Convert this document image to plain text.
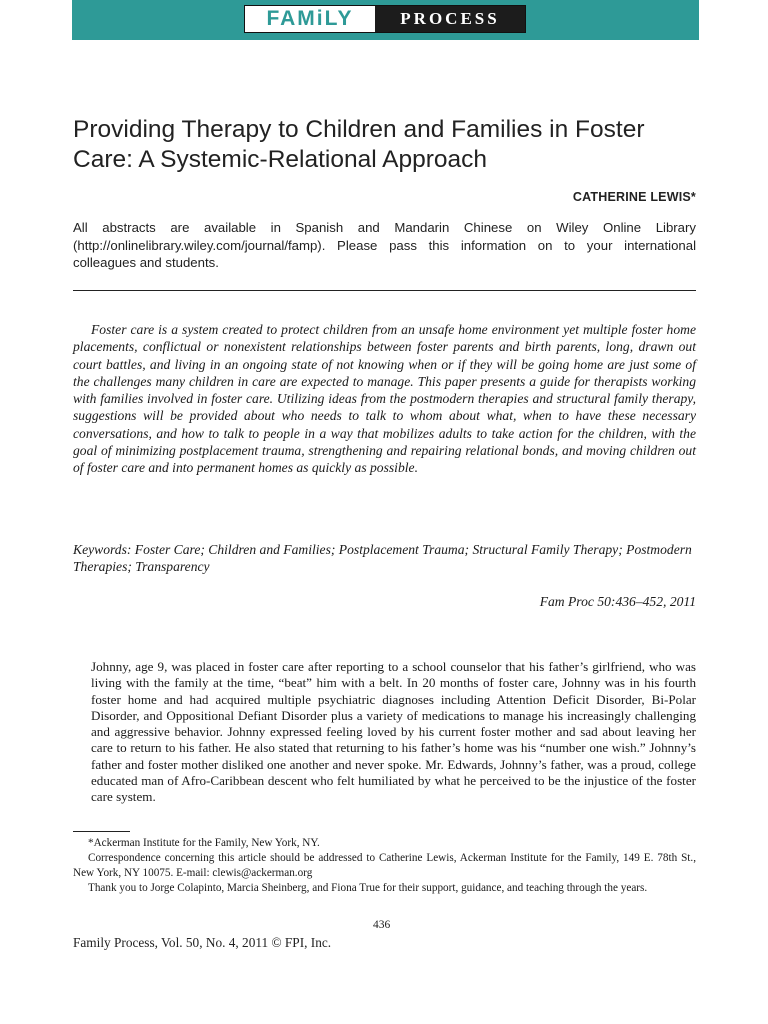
FAMiLY	PROCESS
Providing Therapy to Children and Families in Foster Care: A Systemic-Relational Approach
CATHERINE LEWIS*

All abstracts are available in Spanish and Mandarin Chinese on Wiley Online Library (http://onlinelibrary.wiley.com/journal/famp). Please pass this information on to your international colleagues and students.

Foster care is a system created to protect children from an unsafe home environment yet multiple foster home placements, conflictual or nonexistent relationships between foster parents and birth parents, long, drawn out court battles, and living in an ongoing state of not knowing when or if they will be going home are just some of the challenges many children in care are expected to manage. This paper presents a guide for therapists working with families involved in foster care. Utilizing ideas from the postmodern therapies and structural family therapy, suggestions will be provided about who needs to talk to whom about what, when to have these necessary conversations, and how to talk to people in a way that mobilizes adults to take action for the children, with the goal of minimizing postplacement trauma, strengthening and repairing relational bonds, and moving children out of foster care and into permanent homes as quickly as possible.

Keywords: Foster Care; Children and Families; Postplacement Trauma; Structural Family Therapy; Postmodern Therapies; Transparency

Fam Proc 50:436–452, 2011

Johnny, age 9, was placed in foster care after reporting to a school counselor that his father’s girlfriend, who was living with the family at the time, “beat” him with a belt. In 20 months of foster care, Johnny was in his fourth foster home and had acquired multiple psychiatric diagnoses including Attention Deficit Disorder, Bi-Polar Disorder, and Oppositional Defiant Disorder plus a variety of medications to manage his increasingly challenging and aggressive behavior. Johnny expressed feeling loved by his current foster mother and sad about leaving her care to return to his father. He also stated that returning to his father’s home was his “number one wish.” Johnny’s father and foster mother disliked one another and never spoke. Mr. Edwards, Johnny’s father, was a proud, college educated man of Afro-Caribbean descent who felt humiliated by what he perceived to be the injustice of the foster care system.

*Ackerman Institute for the Family, New York, NY.

Correspondence concerning this article should be addressed to Catherine Lewis, Ackerman Institute for the Family, 149 E. 78th St., New York, NY 10075. E-mail: clewis@ackerman.org

Thank you to Jorge Colapinto, Marcia Sheinberg, and Fiona True for their support, guidance, and teaching through the years.

436
Family Process, Vol. 50, No. 4, 2011 © FPI, Inc.
